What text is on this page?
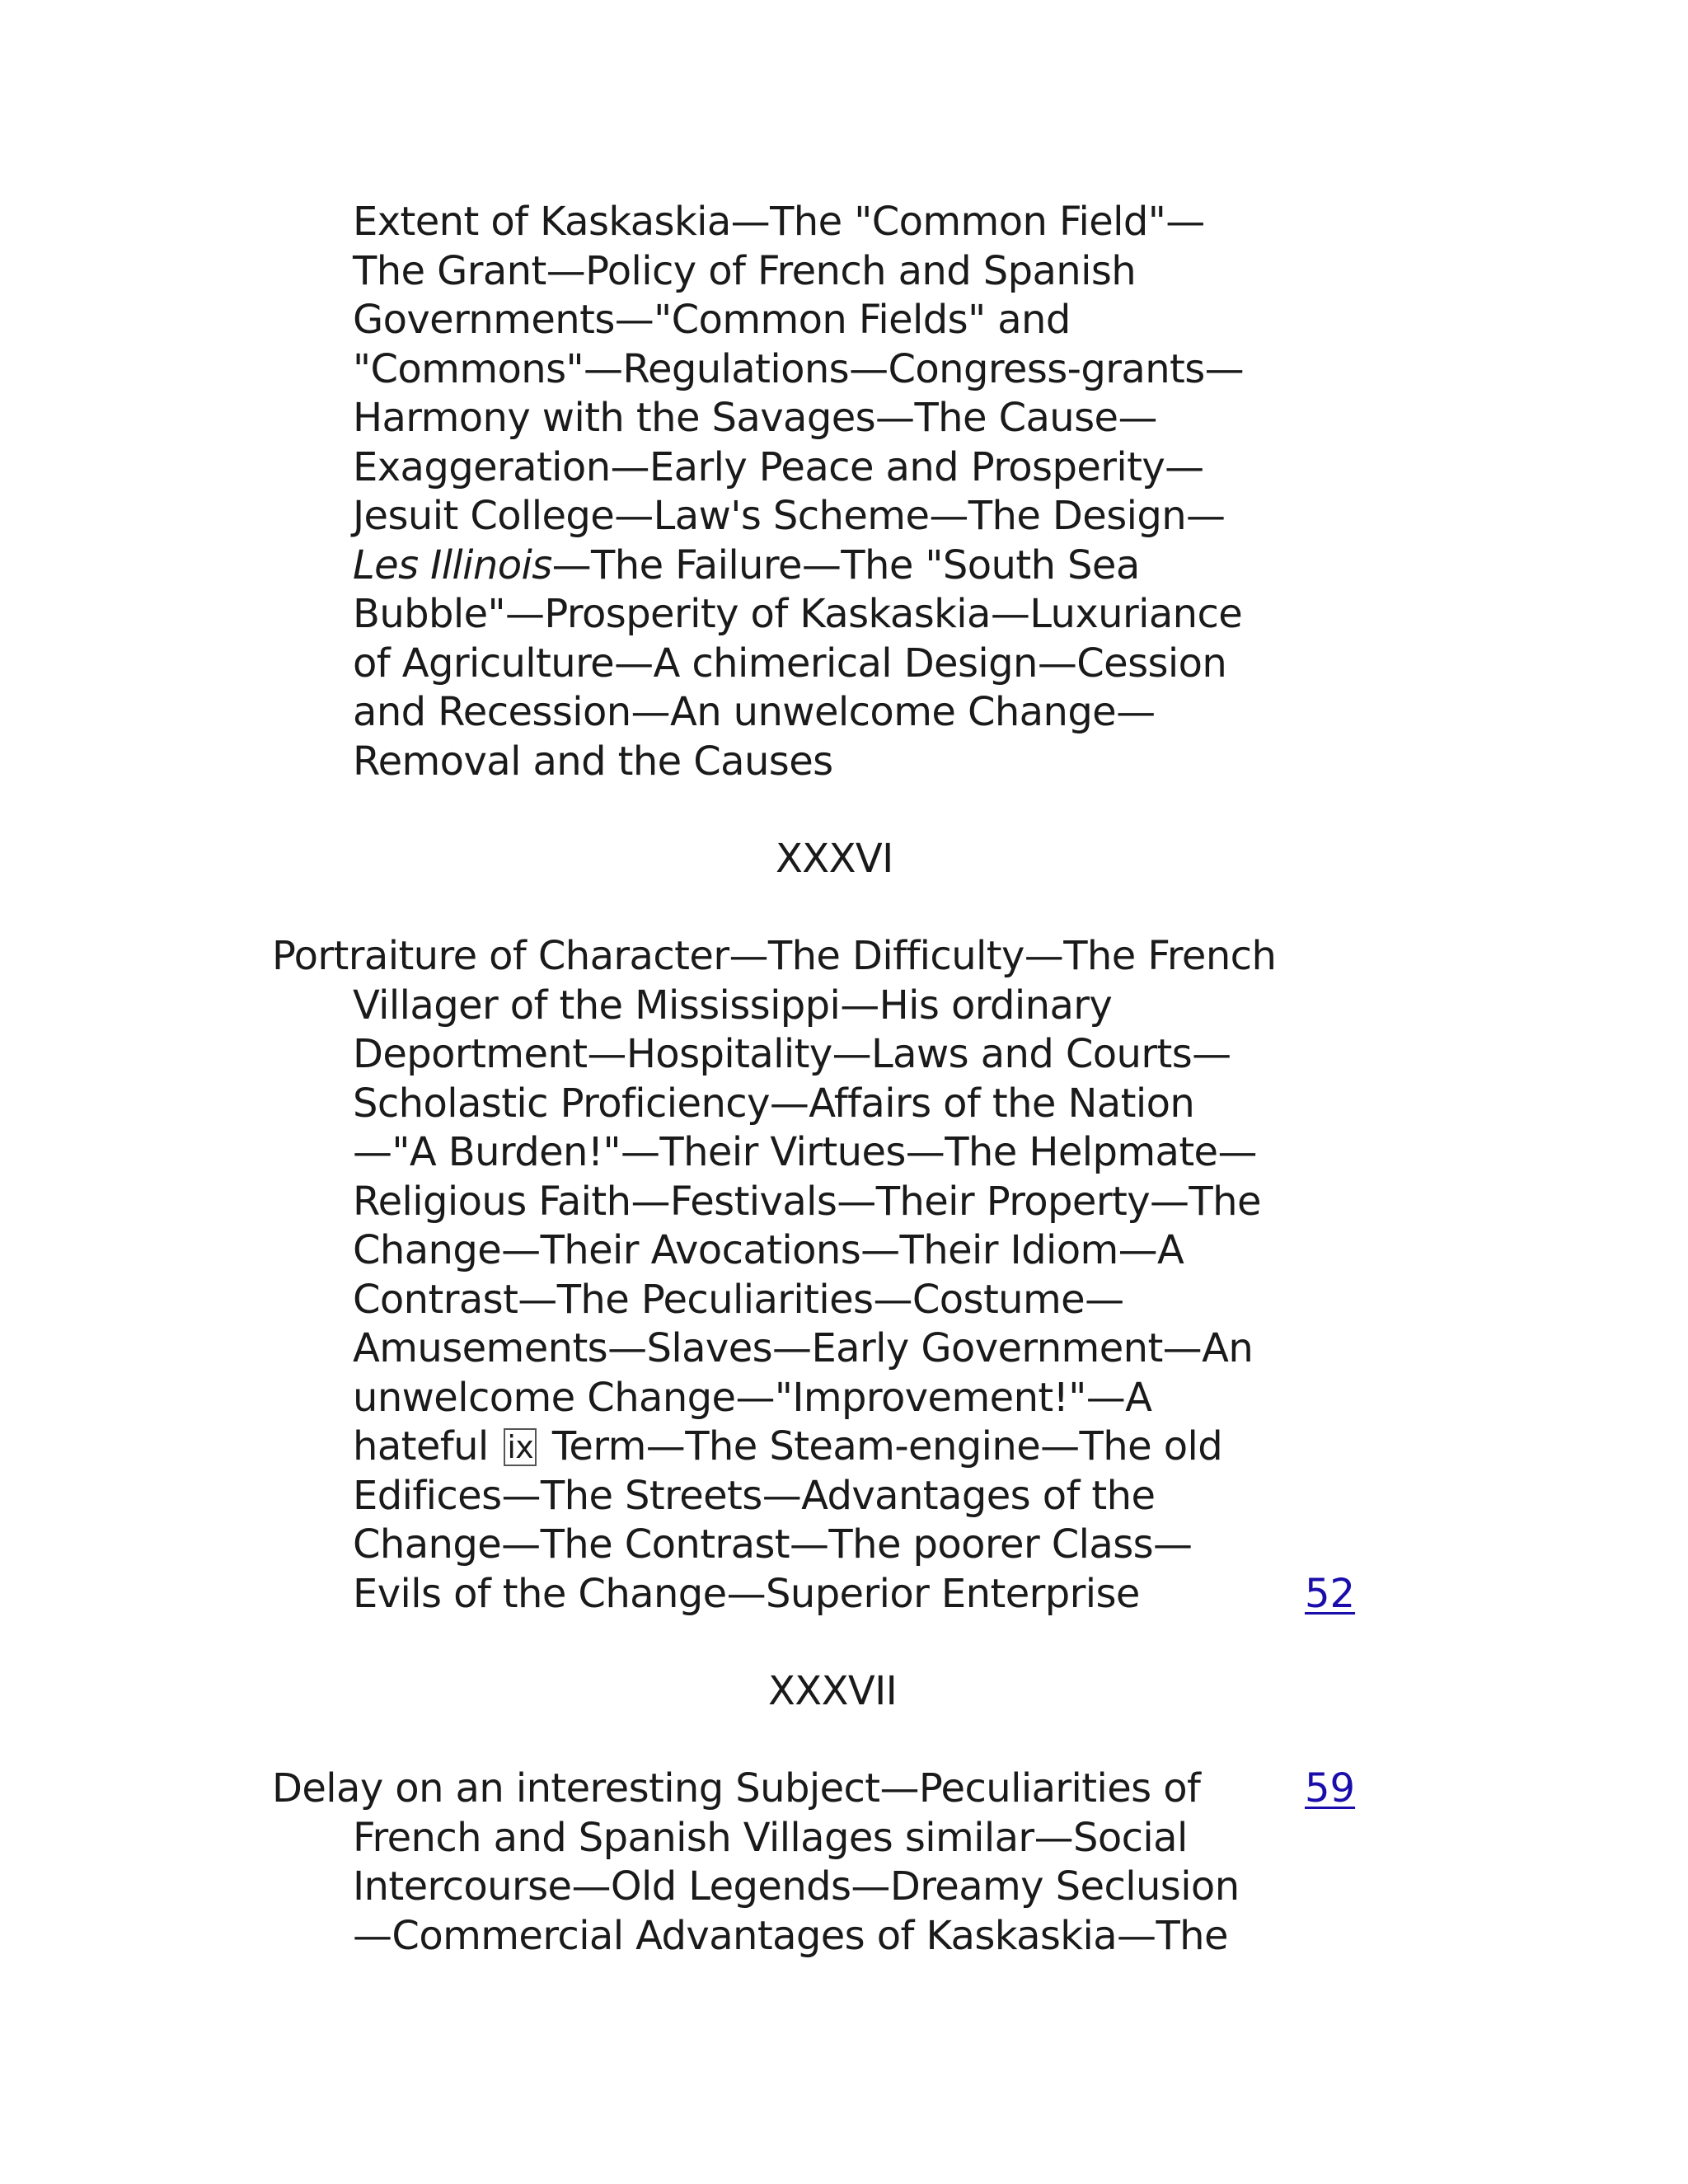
Extent of Kaskaskia—The "Common Field"—
The Grant—Policy of French and Spanish
Governments—"Common Fields" and
"Commons"—Regulations—Congress-grants—
Harmony with the Savages—The Cause—
Exaggeration—Early Peace and Prosperity—
Jesuit College—Law's Scheme—The Design—
Les Illinois—The Failure—The "South Sea
Bubble"—Prosperity of Kaskaskia—Luxuriance
of Agriculture—A chimerical Design—Cession
and Recession—An unwelcome Change—
Removal and the Causes
XXXVI
Portraiture of Character—The Difficulty—The French
Villager of the Mississippi—His ordinary
Deportment—Hospitality—Laws and Courts—
Scholastic Proficiency—Affairs of the Nation
—"A Burden!"—Their Virtues—The Helpmate—
Religious Faith—Festivals—Their Property—The
Change—Their Avocations—Their Idiom—A
Contrast—The Peculiarities—Costume—
Amusements—Slaves—Early Government—An
unwelcome Change—"Improvement!"—A
hateful ix Term—The Steam-engine—The old
Edifices—The Streets—Advantages of the
Change—The Contrast—The poorer Class—
Evils of the Change—Superior Enterprise	52
XXXVII
Delay on an interesting Subject—Peculiarities of	59
French and Spanish Villages similar—Social
Intercourse—Old Legends—Dreamy Seclusion
—Commercial Advantages of Kaskaskia—The
